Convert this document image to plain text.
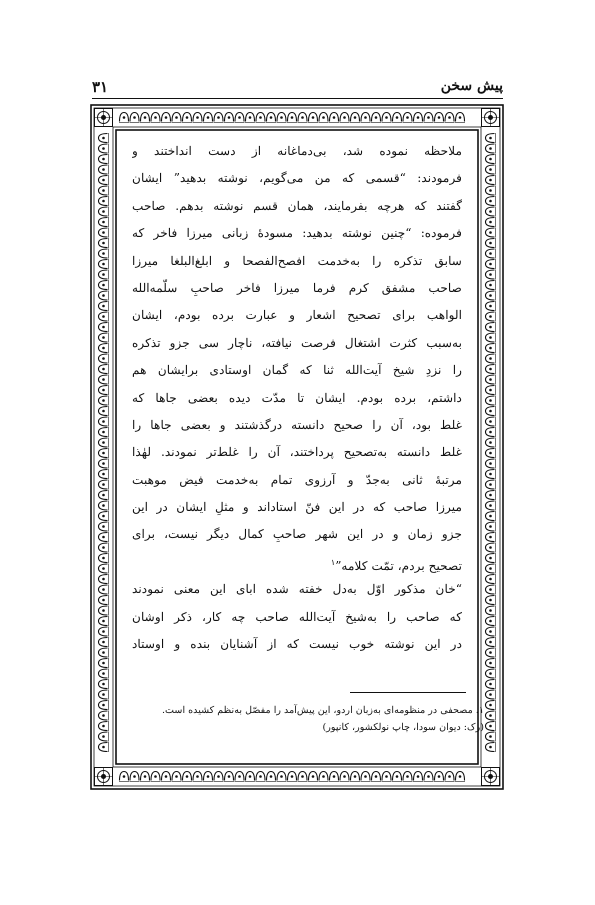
۳۱	پیش سخن

ملاحظه نموده شد، بی‌دماغانه از دست انداختند و
فرمودند: “قسمی که من می‌گویم، نوشته بدهید” ایشان
گفتند که هرچه بفرمایند، همان قسم نوشته بدهم. صاحب
فرموده: “چنین نوشته بدهید: مسودهٔ زبانی میرزا فاخر که
سابق تذکره را به‌خدمت افصح‌الفصحا و ابلغ‌البلغا میرزا
صاحب مشفق کرم فرما میرزا فاخر صاحبِ سلّمه‌الله
الواهب برای تصحیح اشعار و عبارت برده بودم، ایشان
به‌سبب کثرت اشتغال فرصت نیافته، ناچار سی جزو تذکره
را نزدِ شیخ آیت‌الله ثنا که گمان اوستادی برایشان هم
داشتم، برده بودم. ایشان تا مدّت دیده بعضی جاها که
غلط بود، آن را صحیح دانسته درگذشتند و بعضی جاها را
غلط دانسته به‌تصحیح پرداختند، آن را غلط‌تر نمودند. لهٰذا
مرتبهٔ ثانی به‌جدّ و آرزوی تمام به‌خدمت فیض موهبت
میرزا صاحب که در این فنّ استاداند و مثلِ ایشان در این
جزو زمان و در این شهر صاحبِ کمال دیگر نیست، برای
تصحیح بردم، تمّت کلامه”$^۱$

“خان مذکور اوّل به‌دل خفته شده ابای این معنی نمودند
که صاحب را به‌شیخ آیت‌الله صاحب چه کار، ذکر اوشان
در این نوشته خوب نیست که از آشنایان بنده و اوستاد

۱. مصحفی در منظومه‌ای به‌زبان اردو، این پیش‌آمد را مفصّل به‌نظم کشیده است.
(رک: دیوان سودا، چاپ نولکشور، کانپور)
